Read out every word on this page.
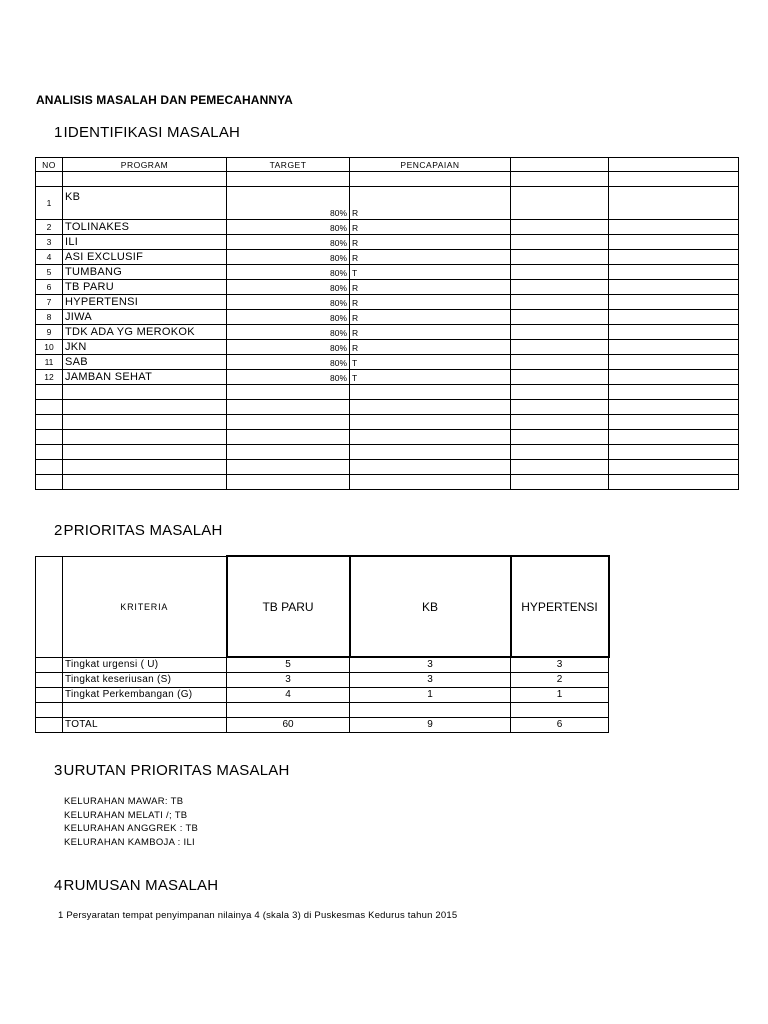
ANALISIS MASALAH DAN PEMECAHANNYA
1IDENTIFIKASI MASALAH
NO	PROGRAM	TARGET	PENCAPAIAN		

1	KB	80%	R		
2	TOLINAKES	80%	R		
3	ILI	80%	R		
4	ASI EXCLUSIF	80%	R		
5	TUMBANG	80%	T		
6	TB PARU	80%	R		
7	HYPERTENSI	80%	R		
8	JIWA	80%	R		
9	TDK ADA YG MEROKOK	80%	R		
10	JKN	80%	R		
11	SAB	80%	T		
12	JAMBAN SEHAT	80%	T		

2PRIORITAS MASALAH
	KRITERIA	TB PARU	KB	HYPERTENSI
	Tingkat urgensi ( U)	5	3	3
	Tingkat keseriusan (S)	3	3	2
	Tingkat Perkembangan (G)	4	1	1

	TOTAL	60	9	6
3URUTAN PRIORITAS MASALAH
KELURAHAN MAWAR: TB
KELURAHAN MELATI /; TB
KELURAHAN ANGGREK : TB
KELURAHAN KAMBOJA : ILI
4RUMUSAN MASALAH
1 Persyaratan tempat penyimpanan nilainya 4 (skala 3) di Puskesmas Kedurus tahun 2015
